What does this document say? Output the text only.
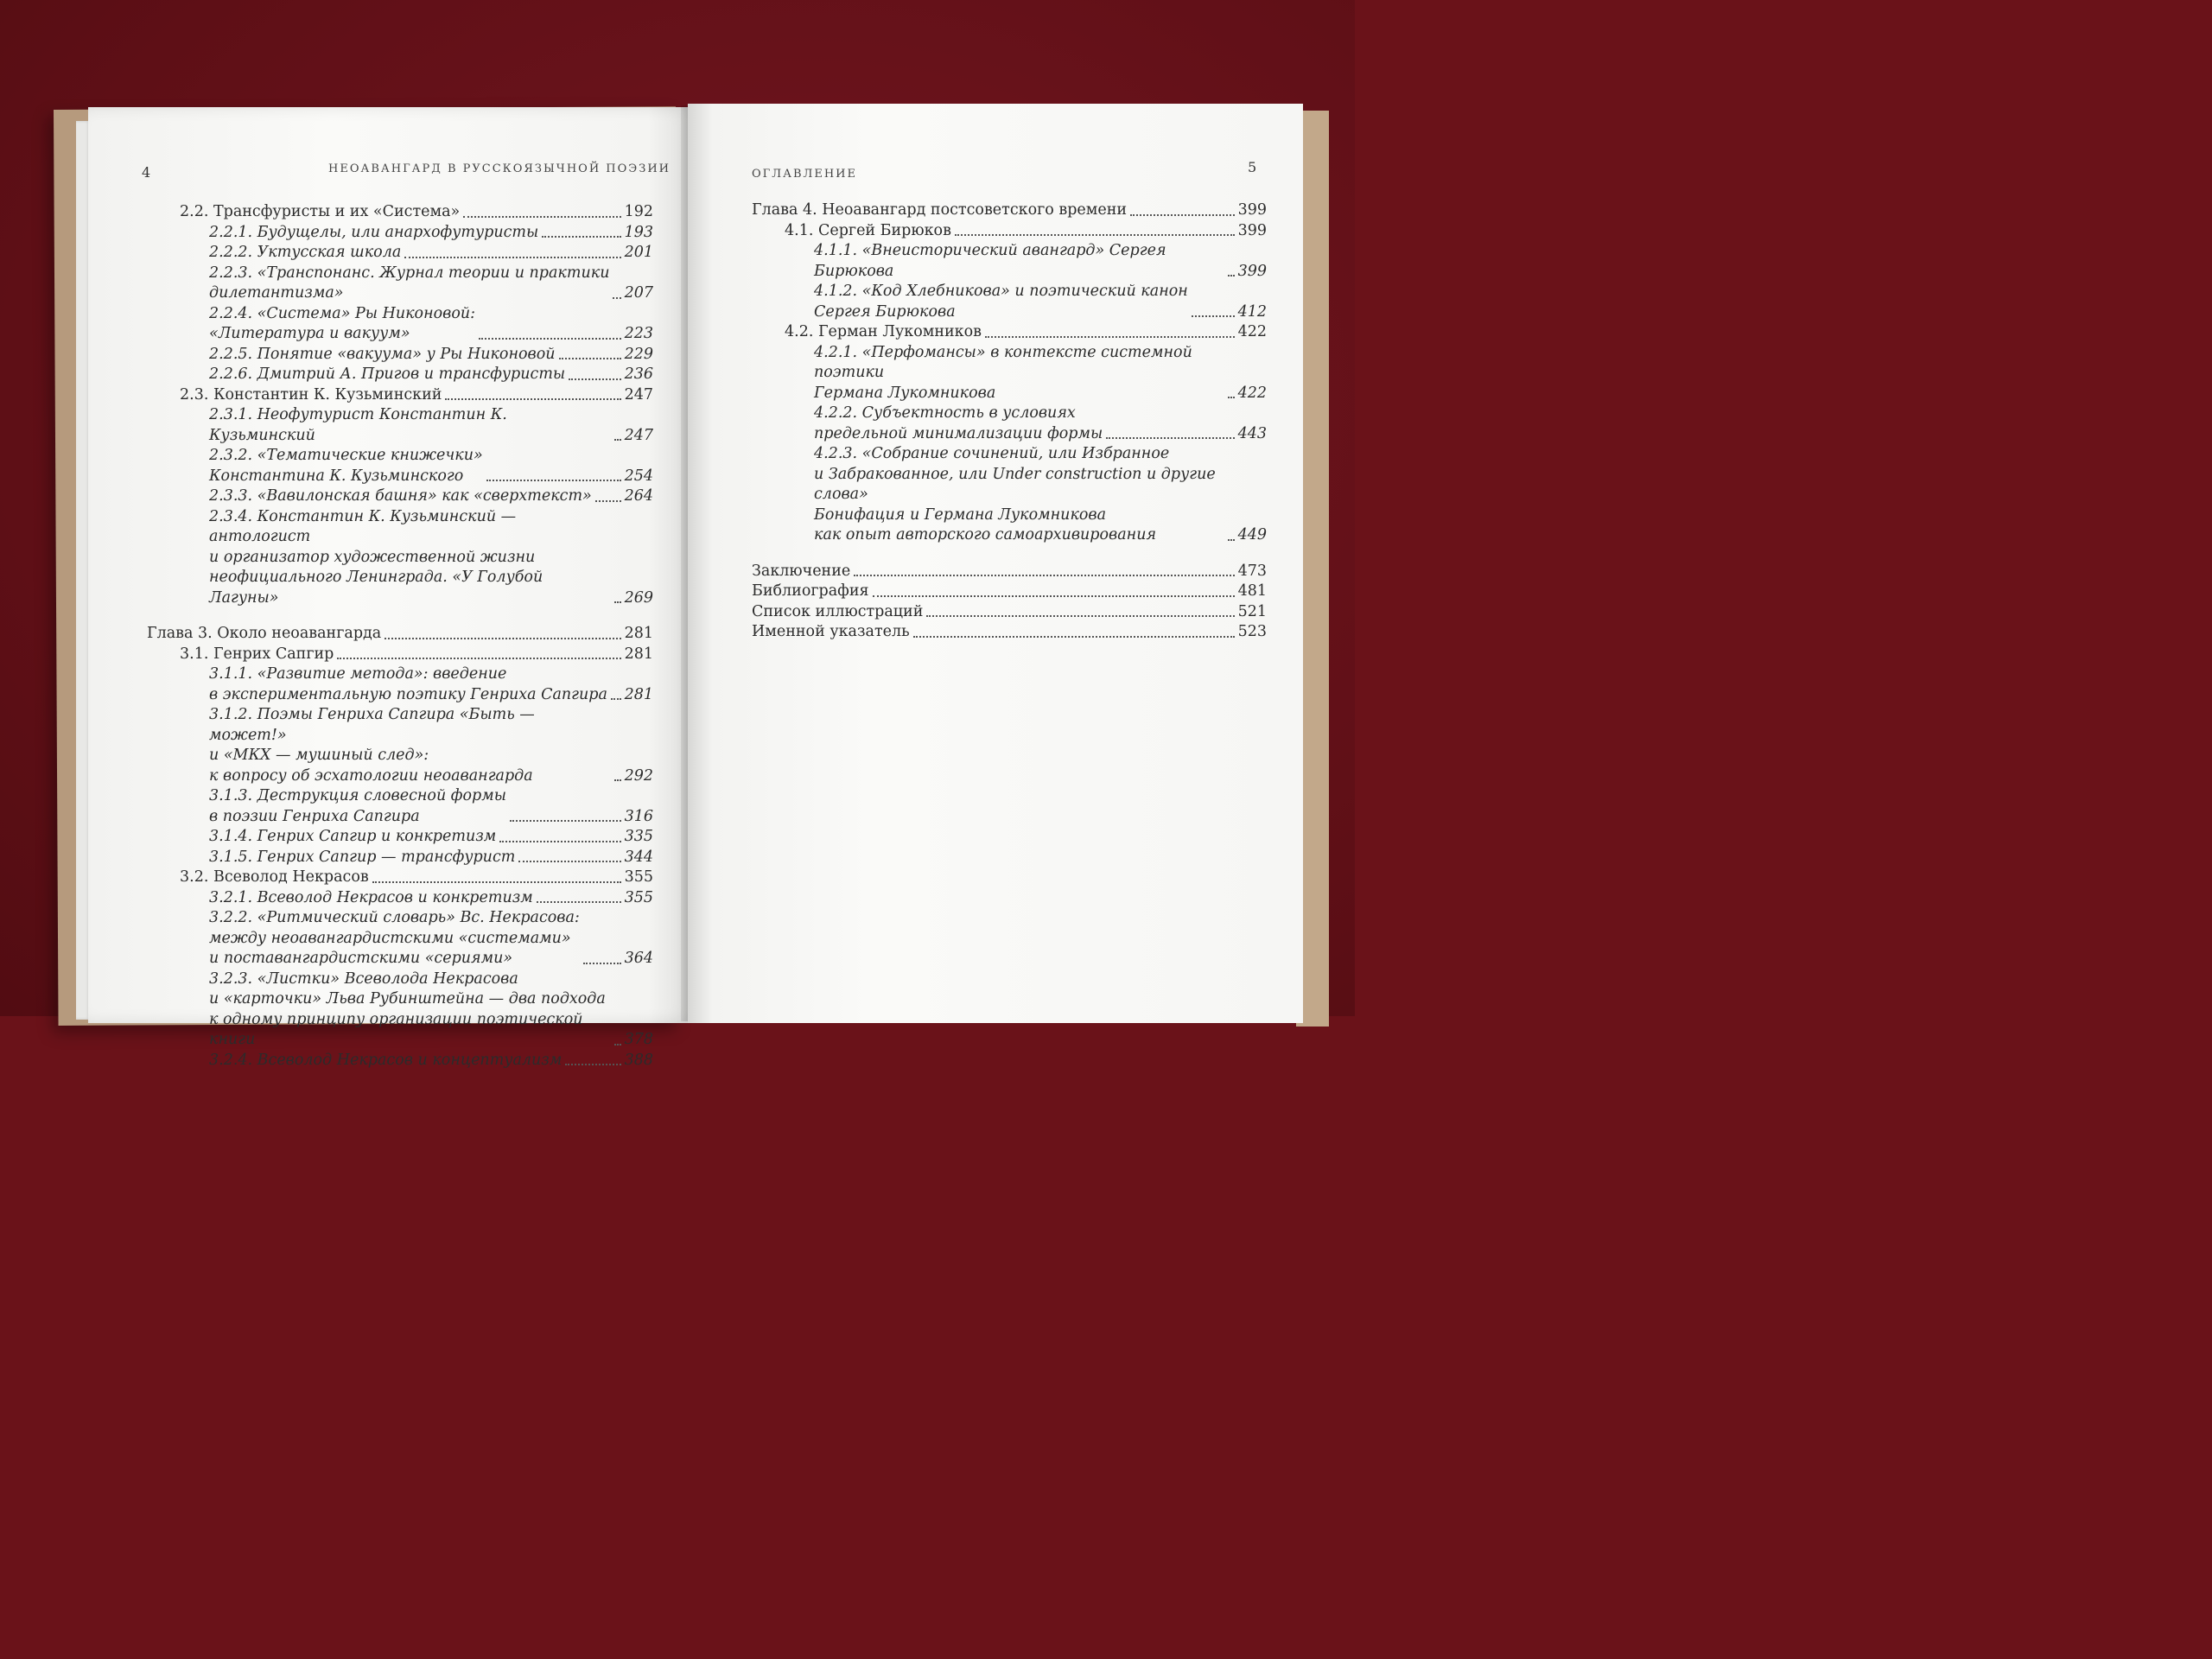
4	НЕОАВАНГАРД В РУССКОЯЗЫЧНОЙ ПОЭЗИИ
2.2. Трансфуристы и их «Система»	192
2.2.1. Будущелы, или анархофутуристы	193
2.2.2. Уктусская школа	201
2.2.3. «Транспонанс. Журнал теории и практики
дилетантизма»	207
2.2.4. «Система» Ры Никоновой:
«Литература и вакуум»	223
2.2.5. Понятие «вакуума» у Ры Никоновой	229
2.2.6. Дмитрий А. Пригов и трансфуристы	236
2.3. Константин К. Кузьминский	247
2.3.1. Неофутурист Константин К. Кузьминский	247
2.3.2. «Тематические книжечки»
Константина К. Кузьминского	254
2.3.3. «Вавилонская башня» как «сверхтекст» 264
2.3.4. Константин К. Кузьминский — антологист
и организатор художественной жизни
неофициального Ленинграда. «У Голубой Лагуны»	269
Глава 3. Около неоавангарда	281
3.1. Генрих Сапгир	281
3.1.1. «Развитие метода»: введение
в экспериментальную поэтику Генриха Сапгира 281
3.1.2. Поэмы Генриха Сапгира «Быть — может!»
и «МКХ — мушиный след»:
к вопросу об эсхатологии неоавангарда	292
3.1.3. Деструкция словесной формы
в поэзии Генриха Сапгира	316
3.1.4. Генрих Сапгир и конкретизм	335
3.1.5. Генрих Сапгир — трансфурист	344
3.2. Всеволод Некрасов	355
3.2.1. Всеволод Некрасов и конкретизм	355
3.2.2. «Ритмический словарь» Вс. Некрасова:
между неоавангардистскими «системами»
и поставангардистскими «сериями»	364
3.2.3. «Листки» Всеволода Некрасова
и «карточки» Льва Рубинштейна — два подхода
к одному принципу организации поэтической книги	378
3.2.4. Всеволод Некрасов и концептуализм	388
ОГЛАВЛЕНИЕ	5
Глава 4. Неоавангард постсоветского времени	399
4.1. Сергей Бирюков	399
4.1.1. «Внеисторический авангард» Сергея Бирюкова	399
4.1.2. «Код Хлебникова» и поэтический канон
Сергея Бирюкова	412
4.2. Герман Лукомников	422
4.2.1. «Перфомансы» в контексте системной поэтики
Германа Лукомникова	422
4.2.2. Субъектность в условиях
предельной минимализации формы	443
4.2.3. «Собрание сочинений, или Избранное
и Забракованное, или Under construction и другие слова»
Бонифация и Германа Лукомникова
как опыт авторского самоархивирования	449
Заключение	473
Библиография	481
Список иллюстраций	521
Именной указатель	523
